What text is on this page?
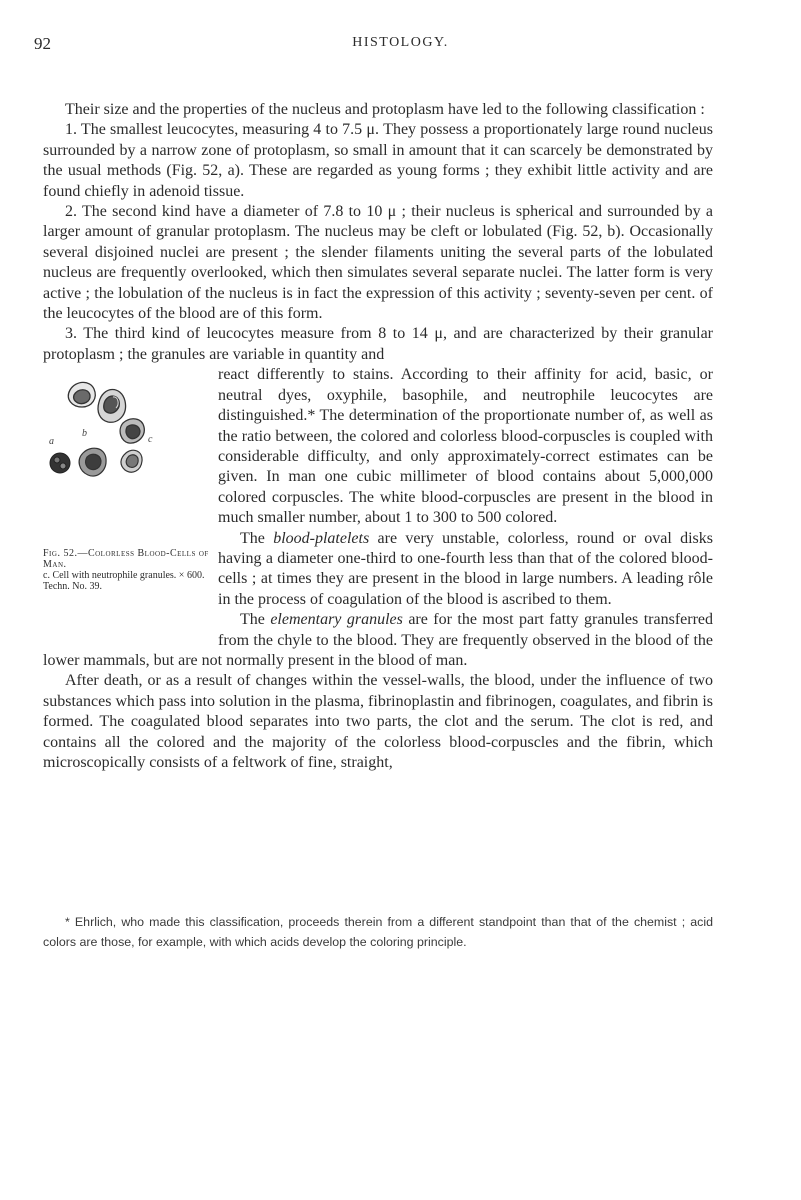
92	HISTOLOGY.

Their size and the properties of the nucleus and protoplasm have led to the following classification :

1. The smallest leucocytes, measuring 4 to 7.5 μ. They possess a proportionately large round nucleus surrounded by a narrow zone of protoplasm, so small in amount that it can scarcely be demonstrated by the usual methods (Fig. 52, a). These are regarded as young forms ; they exhibit little activity and are found chiefly in adenoid tissue.

2. The second kind have a diameter of 7.8 to 10 μ ; their nucleus is spherical and surrounded by a larger amount of granular protoplasm. The nucleus may be cleft or lobulated (Fig. 52, b). Occasionally several disjoined nuclei are present ; the slender filaments uniting the several parts of the lobulated nucleus are frequently overlooked, which then simulates several separate nuclei. The latter form is very active ; the lobulation of the nucleus is in fact the expression of this activity ; seventy-seven per cent. of the leucocytes of the blood are of this form.

3. The third kind of leucocytes measure from 8 to 14 μ, and are characterized by their granular protoplasm ; the granules are variable in quantity and

a
b
c
Fig. 52.—Colorless Blood-Cells of Man.
c. Cell with neutrophile granules. × 600. Techn. No. 39.

react differently to stains. According to their affinity for acid, basic, or neutral dyes, oxyphile, basophile, and neutrophile leucocytes are distinguished.* The determination of the proportionate number of, as well as the ratio between, the colored and colorless blood-corpuscles is coupled with considerable difficulty, and only approximately-correct estimates can be given. In man one cubic millimeter of blood contains about 5,000,000 colored corpuscles. The white blood-corpuscles are present in the blood in much smaller number, about 1 to 300 to 500 colored.

The blood-platelets are very unstable, colorless, round or oval disks having a diameter one-third to one-fourth less than that of the colored blood-cells ; at times they are present in the blood in large numbers. A leading rôle in the process of coagulation of the blood is ascribed to them.

The elementary granules are for the most part fatty granules transferred from the chyle to the blood. They are frequently observed in the blood of the lower mammals, but are not normally present in the blood of man.

After death, or as a result of changes within the vessel-walls, the blood, under the influence of two substances which pass into solution in the plasma, fibrinoplastin and fibrinogen, coagulates, and fibrin is formed. The coagulated blood separates into two parts, the clot and the serum. The clot is red, and contains all the colored and the majority of the colorless blood-corpuscles and the fibrin, which microscopically consists of a feltwork of fine, straight,

* Ehrlich, who made this classification, proceeds therein from a different standpoint than that of the chemist ; acid colors are those, for example, with which acids develop the coloring principle.
